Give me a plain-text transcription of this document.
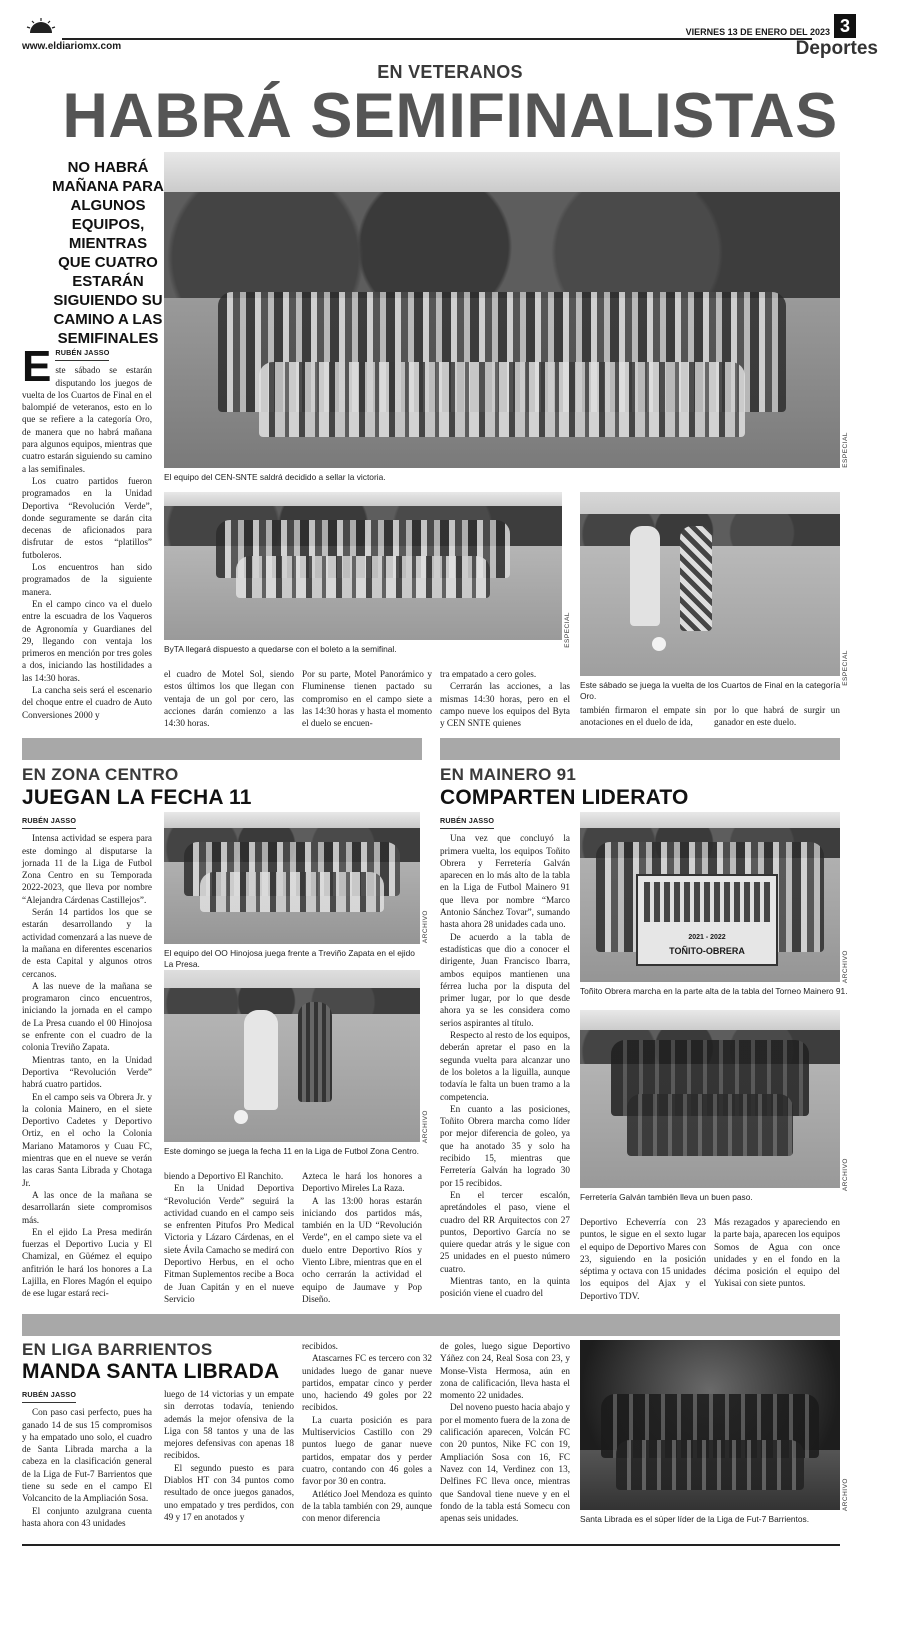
www.eldiariomx.com
VIERNES 13 DE ENERO DEL 2023 3
Deportes
EN VETERANOS
HABRÁ SEMIFINALISTAS
NO HABRÁ MAÑANA PARA ALGUNOS EQUIPOS, MIENTRAS QUE CUATRO ESTARÁN SIGUIENDO SU CAMINO A LAS SEMIFINALES
RUBÉN JASSO
E ste sábado se estarán disputando los juegos de vuelta de los Cuartos de Final en el balompié de veteranos, esto en lo que se refiere a la categoría Oro, de manera que no habrá mañana para algunos equipos, mientras que cuatro estarán siguiendo su camino a las semifinales.

Los cuatro partidos fueron programados en la Unidad Deportiva “Revolución Verde”, donde seguramente se darán cita decenas de aficionados para disfrutar de estos “platillos” futboleros.

Los encuentros han sido programados de la siguiente manera.

En el campo cinco va el duelo entre la escuadra de los Vaqueros de Agronomía y Guardianes del 29, llegando con ventaja los primeros en mención por tres goles a dos, iniciando las hostilidades a las 14:30 horas.

La cancha seis será el escenario del choque entre el cuadro de Auto Conversiones 2000 y

ESPECIAL
El equipo del CEN-SNTE saldrá decidido a sellar la victoria.
ESPECIAL
ByTA llegará dispuesto a quedarse con el boleto a la semifinal.
ESPECIAL
Este sábado se juega la vuelta de los Cuartos de Final en la categoría Oro.
el cuadro de Motel Sol, siendo estos últimos los que llegan con ventaja de un gol por cero, las acciones darán comienzo a las 14:30 horas.
Por su parte, Motel Panorámico y Fluminense tienen pactado su compromiso en el campo siete a las 14:30 horas y hasta el momento el duelo se encuen-

tra empatado a cero goles.

Cerrarán las acciones, a las mismas 14:30 horas, pero en el campo nueve los equipos del Byta y CEN SNTE quienes

también firmaron el empate sin anotaciones en el duelo de ida,
por lo que habrá de surgir un ganador en este duelo.
EN ZONA CENTRO
JUEGAN LA FECHA 11
RUBÉN JASSO

Intensa actividad se espera para este domingo al disputarse la jornada 11 de la Liga de Futbol Zona Centro en su Temporada 2022-2023, que lleva por nombre “Alejandra Cárdenas Castillejos”.

Serán 14 partidos los que se estarán desarrollando y la actividad comenzará a las nueve de la mañana en diferentes escenarios de esta Capital y algunos otros cercanos.

A las nueve de la mañana se programaron cinco encuentros, iniciando la jornada en el campo de La Presa cuando el 00 Hinojosa se enfrente con el cuadro de la colonia Treviño Zapata.

Mientras tanto, en la Unidad Deportiva “Revolución Verde” habrá cuatro partidos.

En el campo seis va Obrera Jr. y la colonia Mainero, en el siete Deportivo Cadetes y Deportivo Ortiz, en el ocho la Colonia Mariano Matamoros y Cuau FC, mientras que en el nueve se verán las caras Santa Librada y Chotaga Jr.

A las once de la mañana se desarrollarán siete compromisos más.

En el ejido La Presa medirán fuerzas el Deportivo Lucia y El Chamizal, en Güémez el equipo anfitrión le hará los honores a La Lajilla, en Flores Magón el equipo de ese lugar estará reci-

ARCHIVO
El equipo del OO Hinojosa juega frente a Treviño Zapata en el ejido La Presa.
ARCHIVO
Este domingo se juega la fecha 11 en la Liga de Futbol Zona Centro.

biendo a Deportivo El Ranchito.

En la Unidad Deportiva “Revolución Verde” seguirá la actividad cuando en el campo seis se enfrenten Pitufos Pro Medical Victoria y Lázaro Cárdenas, en el siete Ávila Camacho se medirá con Deportivo Herbus, en el ocho Fitman Suplementos recibe a Boca de Juan Capitán y en el nueve Servicio

Azteca le hará los honores a Deportivo Mireles La Raza.

A las 13:00 horas estarán iniciando dos partidos más, también en la UD “Revolución Verde”, en el campo siete va el duelo entre Deportivo Ríos y Viento Libre, mientras que en el ocho cerrarán la actividad el equipo de Jaumave y Pop Diseño.

EN MAINERO 91
COMPARTEN LIDERATO
RUBÉN JASSO

Una vez que concluyó la primera vuelta, los equipos Toñito Obrera y Ferretería Galván aparecen en lo más alto de la tabla en la Liga de Futbol Mainero 91 que lleva por nombre “Marco Antonio Sánchez Tovar”, sumando hasta ahora 28 unidades cada uno.

De acuerdo a la tabla de estadísticas que dio a conocer el dirigente, Juan Francisco Ibarra, ambos equipos mantienen una férrea lucha por la disputa del primer lugar, por lo que desde ahora ya se les considera como serios aspirantes al título.

Respecto al resto de los equipos, deberán apretar el paso en la segunda vuelta para alcanzar uno de los boletos a la liguilla, aunque todavía le falta un buen tramo a la competencia.

En cuanto a las posiciones, Toñito Obrera marcha como líder por mejor diferencia de goleo, ya que ha anotado 35 y solo ha recibido 15, mientras que Ferretería Galván ha logrado 30 por 15 recibidos.

En el tercer escalón, apretándoles el paso, viene el cuadro del RR Arquitectos con 27 puntos, Deportivo García no se quiere quedar atrás y le sigue con 25 unidades en el puesto número cuatro.

Mientras tanto, en la quinta posición viene el cuadro del

2021 - 2022
TOÑITO-OBRERA	ARCHIVO
Toñito Obrera marcha en la parte alta de la tabla del Torneo Mainero 91.
ARCHIVO
Ferretería Galván también lleva un buen paso.
Deportivo Echeverría con 23 puntos, le sigue en el sexto lugar el equipo de Deportivo Mares con 23, siguiendo en la posición séptima y octava con 15 unidades los equipos del Ajax y el Deportivo TDV.
Más rezagados y apareciendo en la parte baja, aparecen los equipos Somos de Agua con once unidades y en el fondo en la décima posición el equipo del Yukisai con siete puntos.
EN LIGA BARRIENTOS
MANDA SANTA LIBRADA
RUBÉN JASSO

Con paso casi perfecto, pues ha ganado 14 de sus 15 compromisos y ha empatado uno solo, el cuadro de Santa Librada marcha a la cabeza en la clasificación general de la Liga de Fut-7 Barrientos que tiene su sede en el campo El Volcancito de la Ampliación Sosa.

El conjunto azulgrana cuenta hasta ahora con 43 unidades

luego de 14 victorias y un empate sin derrotas todavía, teniendo además la mejor ofensiva de la Liga con 58 tantos y una de las mejores defensivas con apenas 18 recibidos.

El segundo puesto es para Diablos HT con 34 puntos como resultado de once juegos ganados, uno empatado y tres perdidos, con 49 y 17 en anotados y

recibidos.

Atascarnes FC es tercero con 32 unidades luego de ganar nueve partidos, empatar cinco y perder uno, haciendo 49 goles por 22 recibidos.

La cuarta posición es para Multiservicios Castillo con 29 puntos luego de ganar nueve partidos, empatar dos y perder cuatro, contando con 46 goles a favor por 30 en contra.

Atlético Joel Mendoza es quinto de la tabla también con 29, aunque con menor diferencia

de goles, luego sigue Deportivo Yáñez con 24, Real Sosa con 23, y Monse-Vista Hermosa, aún en zona de calificación, lleva hasta el momento 22 unidades.

Del noveno puesto hacia abajo y por el momento fuera de la zona de calificación aparecen, Volcán FC con 20 puntos, Nike FC con 19, Ampliación Sosa con 16, FC Navez con 14, Verdinez con 13, Delfines FC lleva once, mientras que Sandoval tiene nueve y en el fondo de la tabla está Somecu con apenas seis unidades.

ARCHIVO
Santa Librada es el súper líder de la Liga de Fut-7 Barrientos.
